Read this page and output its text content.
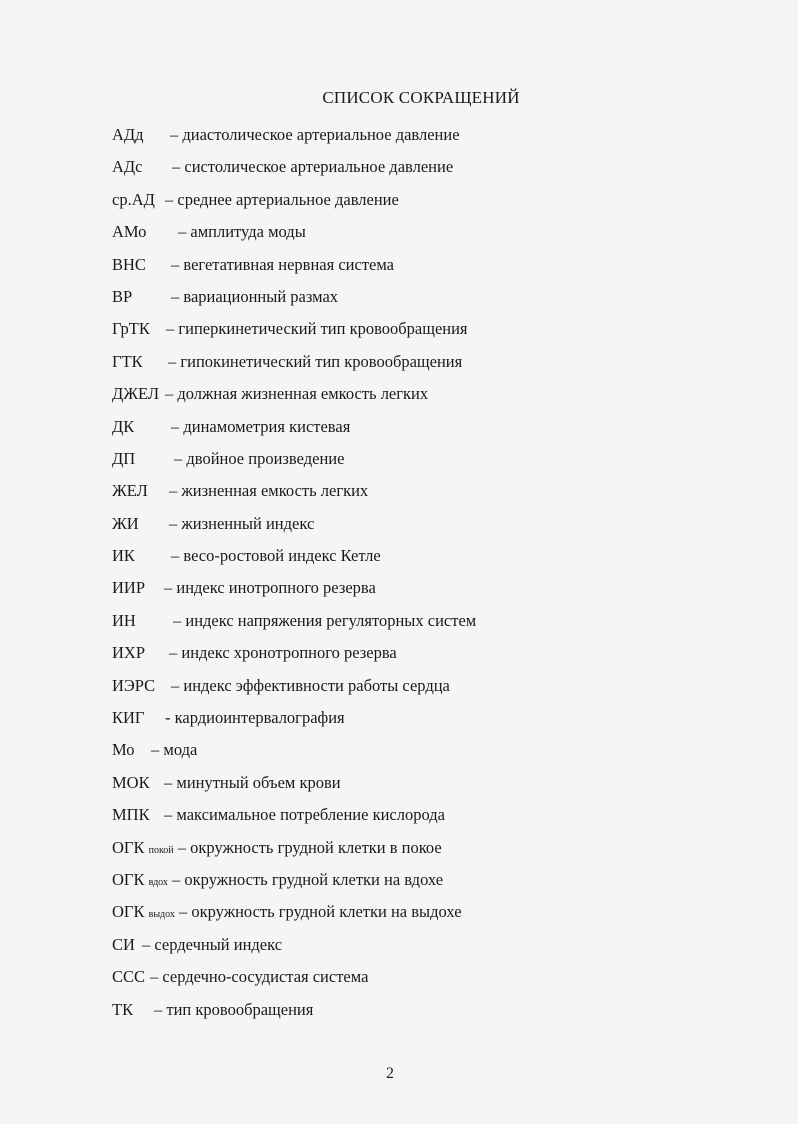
СПИСОК СОКРАЩЕНИЙ
АДд – диастолическое артериальное давление
АДс – систолическое артериальное давление
ср.АД – среднее артериальное давление
АМо – амплитуда моды
ВНС – вегетативная нервная система
ВР – вариационный размах
ГрТК – гиперкинетический тип кровообращения
ГТК – гипокинетический тип кровообращения
ДЖЕЛ – должная жизненная емкость легких
ДК – динамометрия кистевая
ДП – двойное произведение
ЖЕЛ – жизненная емкость легких
ЖИ – жизненный индекс
ИК – весо-ростовой индекс Кетле
ИИР – индекс инотропного резерва
ИН – индекс напряжения регуляторных систем
ИХР – индекс хронотропного резерва
ИЭРС – индекс эффективности работы сердца
КИГ - кардиоинтервалография
Мо – мода
МОК – минутный объем крови
МПК – максимальное потребление кислорода
ОГК покой – окружность грудной клетки в покое
ОГК вдох – окружность грудной клетки на вдохе
ОГК выдох – окружность грудной клетки на выдохе
СИ – сердечный индекс
ССС – сердечно-сосудистая система
ТК – тип кровообращения
2
